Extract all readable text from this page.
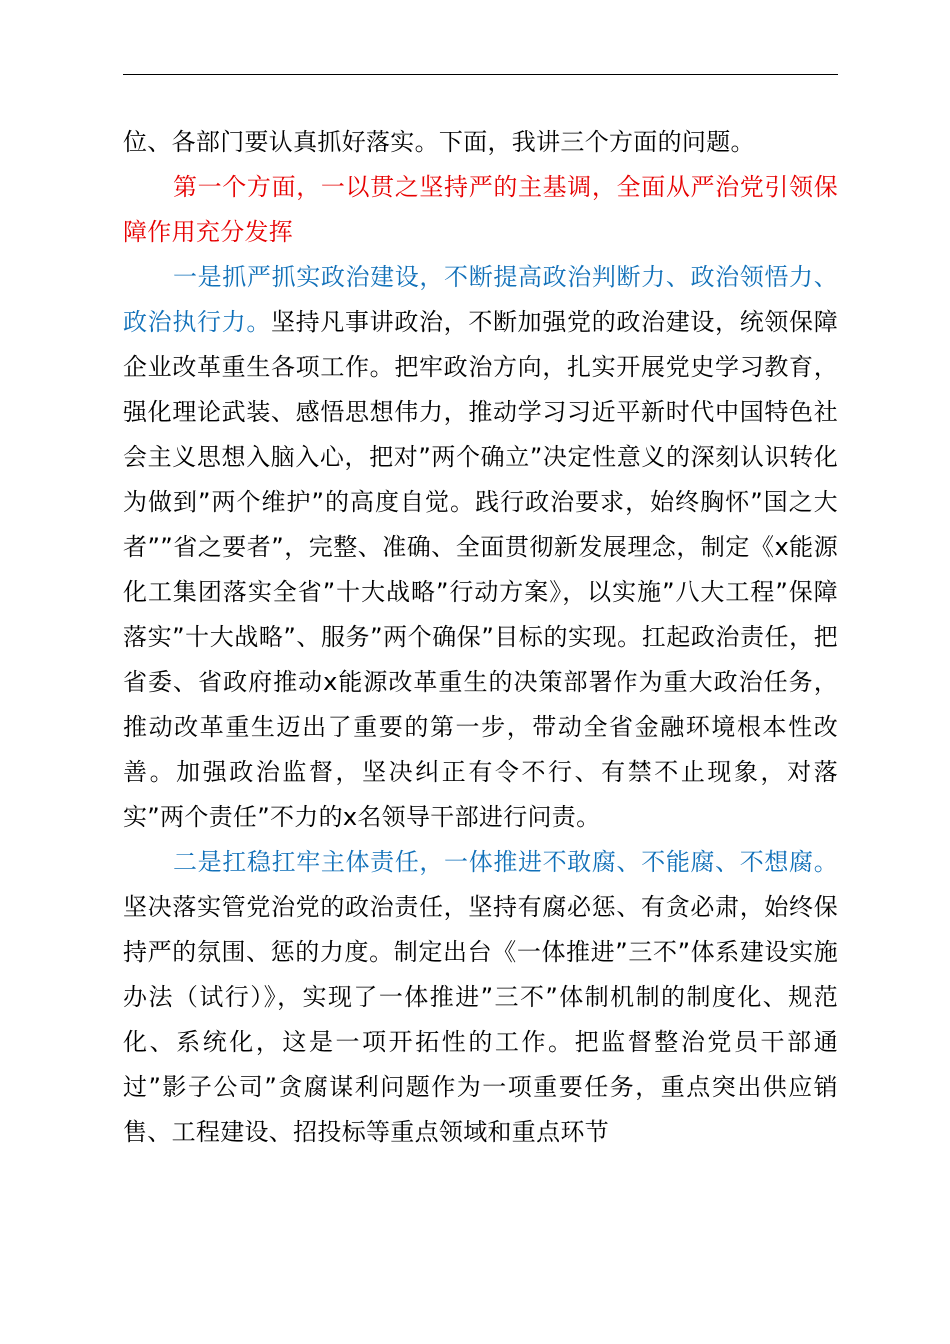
位、各部门要认真抓好落实。下面，我讲三个方面的问题。

第一个方面，一以贯之坚持严的主基调，全面从严治党引领保障作用充分发挥

一是抓严抓实政治建设，不断提高政治判断力、政治领悟力、政治执行力。坚持凡事讲政治，不断加强党的政治建设，统领保障企业改革重生各项工作。把牢政治方向，扎实开展党史学习教育，强化理论武装、感悟思想伟力，推动学习习近平新时代中国特色社会主义思想入脑入心，把对”两个确立”决定性意义的深刻认识转化为做到”两个维护”的高度自觉。践行政治要求，始终胸怀”国之大者””省之要者”，完整、准确、全面贯彻新发展理念，制定《x能源化工集团落实全省”十大战略”行动方案》，以实施”八大工程”保障落实”十大战略”、服务”两个确保”目标的实现。扛起政治责任，把省委、省政府推动x能源改革重生的决策部署作为重大政治任务，推动改革重生迈出了重要的第一步，带动全省金融环境根本性改善。加强政治监督，坚决纠正有令不行、有禁不止现象，对落实”两个责任”不力的x名领导干部进行问责。

二是扛稳扛牢主体责任，一体推进不敢腐、不能腐、不想腐。坚决落实管党治党的政治责任，坚持有腐必惩、有贪必肃，始终保持严的氛围、惩的力度。制定出台《一体推进”三不”体系建设实施办法（试行）》，实现了一体推进”三不”体制机制的制度化、规范化、系统化，这是一项开拓性的工作。把监督整治党员干部通过”影子公司”贪腐谋利问题作为一项重要任务，重点突出供应销售、工程建设、招投标等重点领域和重点环节
